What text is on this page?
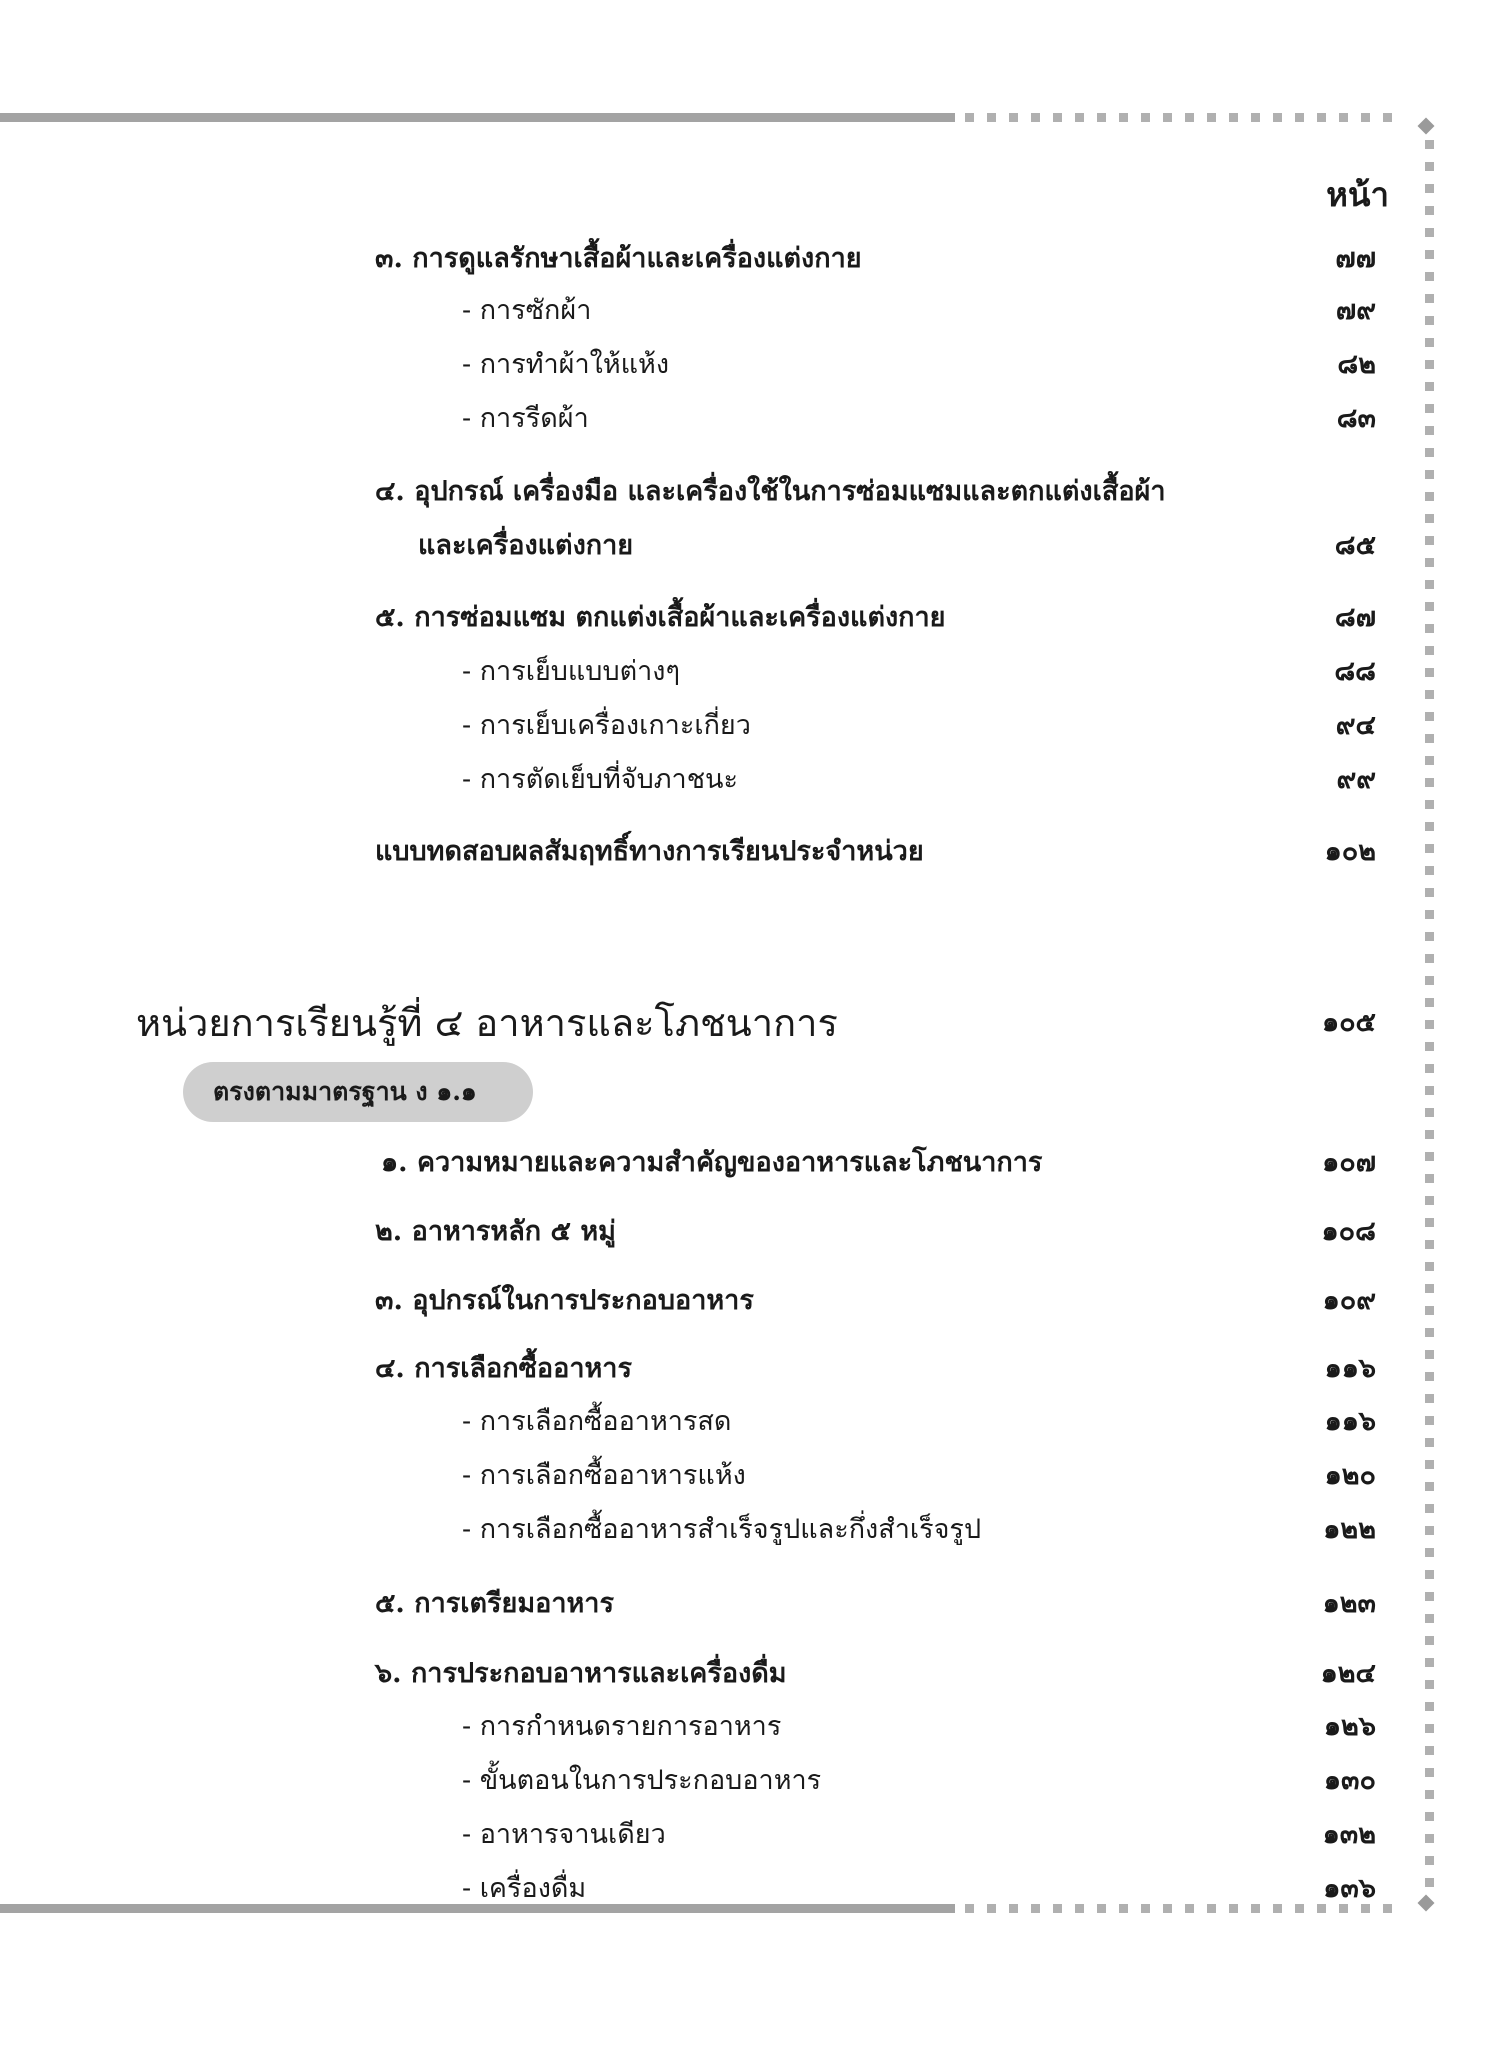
หน้า
๓. การดูแลรักษาเสื้อผ้าและเครื่องแต่งกาย	๗๗
- การซักผ้า	๗๙
- การทำผ้าให้แห้ง	๘๒
- การรีดผ้า	๘๓
๔. อุปกรณ์ เครื่องมือ และเครื่องใช้ในการซ่อมแซมและตกแต่งเสื้อผ้า
และเครื่องแต่งกาย	๘๕
๕. การซ่อมแซม ตกแต่งเสื้อผ้าและเครื่องแต่งกาย	๘๗
- การเย็บแบบต่างๆ	๘๘
- การเย็บเครื่องเกาะเกี่ยว	๙๔
- การตัดเย็บที่จับภาชนะ	๙๙
แบบทดสอบผลสัมฤทธิ์ทางการเรียนประจำหน่วย	๑๐๒
หน่วยการเรียนรู้ที่ ๔ อาหารและโภชนาการ	๑๐๕
ตรงตามมาตรฐาน ง ๑.๑
๑. ความหมายและความสำคัญของอาหารและโภชนาการ	๑๐๗
๒. อาหารหลัก ๕ หมู่	๑๐๘
๓. อุปกรณ์ในการประกอบอาหาร	๑๐๙
๔. การเลือกซื้ออาหาร	๑๑๖
- การเลือกซื้ออาหารสด	๑๑๖
- การเลือกซื้ออาหารแห้ง	๑๒๐
- การเลือกซื้ออาหารสำเร็จรูปและกึ่งสำเร็จรูป	๑๒๒
๕. การเตรียมอาหาร	๑๒๓
๖. การประกอบอาหารและเครื่องดื่ม	๑๒๔
- การกำหนดรายการอาหาร	๑๒๖
- ขั้นตอนในการประกอบอาหาร	๑๓๐
- อาหารจานเดียว	๑๓๒
- เครื่องดื่ม	๑๓๖
